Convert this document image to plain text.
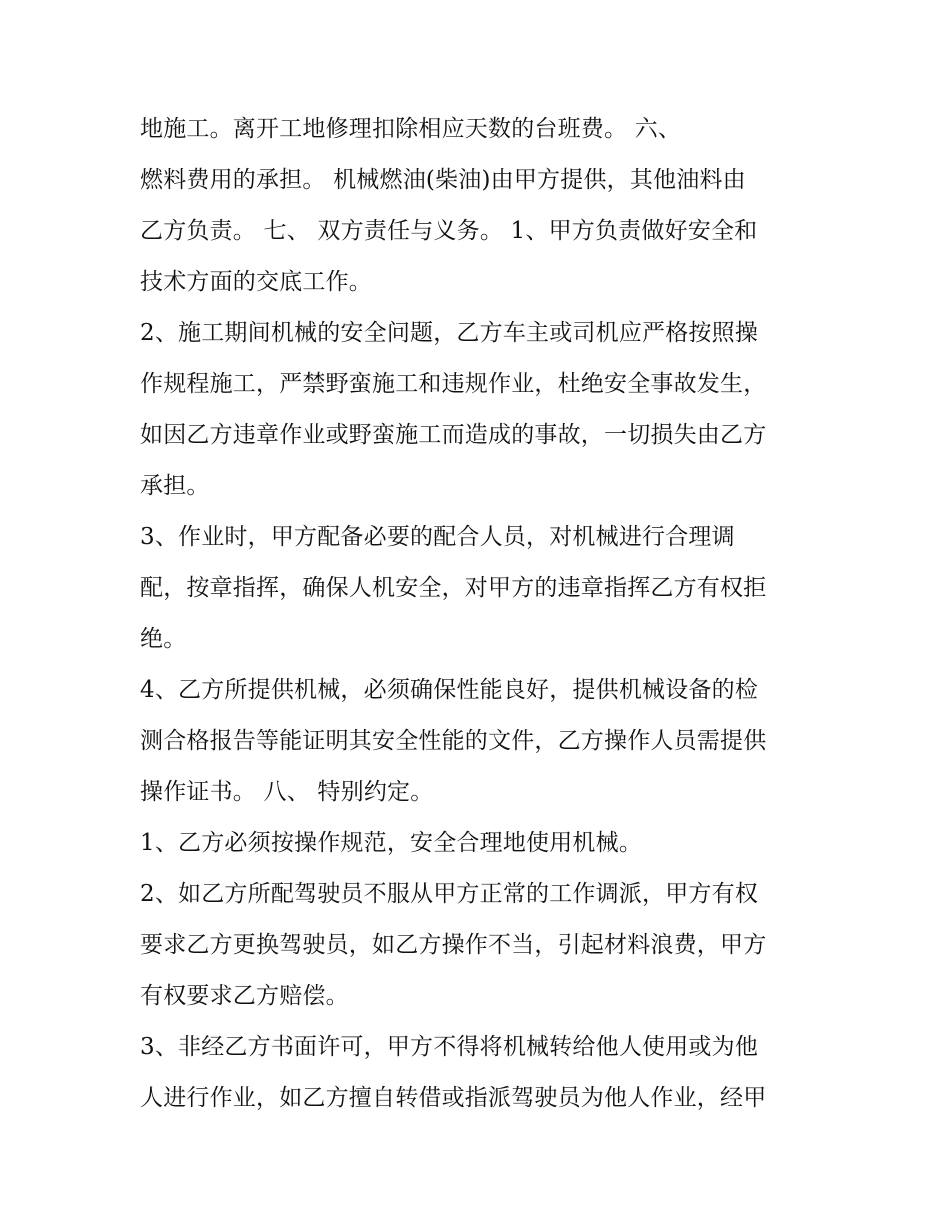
地施工。离开工地修理扣除相应天数的台班费。 六、
燃料费用的承担。 机械燃油(柴油)由甲方提供，其他油料由
乙方负责。 七、 双方责任与义务。 1、甲方负责做好安全和
技术方面的交底工作。
2、施工期间机械的安全问题，乙方车主或司机应严格按照操
作规程施工，严禁野蛮施工和违规作业，杜绝安全事故发生，
如因乙方违章作业或野蛮施工而造成的事故，一切损失由乙方
承担。
3、作业时，甲方配备必要的配合人员，对机械进行合理调
配，按章指挥，确保人机安全，对甲方的违章指挥乙方有权拒
绝。
4、乙方所提供机械，必须确保性能良好，提供机械设备的检
测合格报告等能证明其安全性能的文件，乙方操作人员需提供
操作证书。 八、 特别约定。
1、乙方必须按操作规范，安全合理地使用机械。
2、如乙方所配驾驶员不服从甲方正常的工作调派，甲方有权
要求乙方更换驾驶员，如乙方操作不当，引起材料浪费，甲方
有权要求乙方赔偿。
3、非经乙方书面许可，甲方不得将机械转给他人使用或为他
人进行作业，如乙方擅自转借或指派驾驶员为他人作业，经甲
